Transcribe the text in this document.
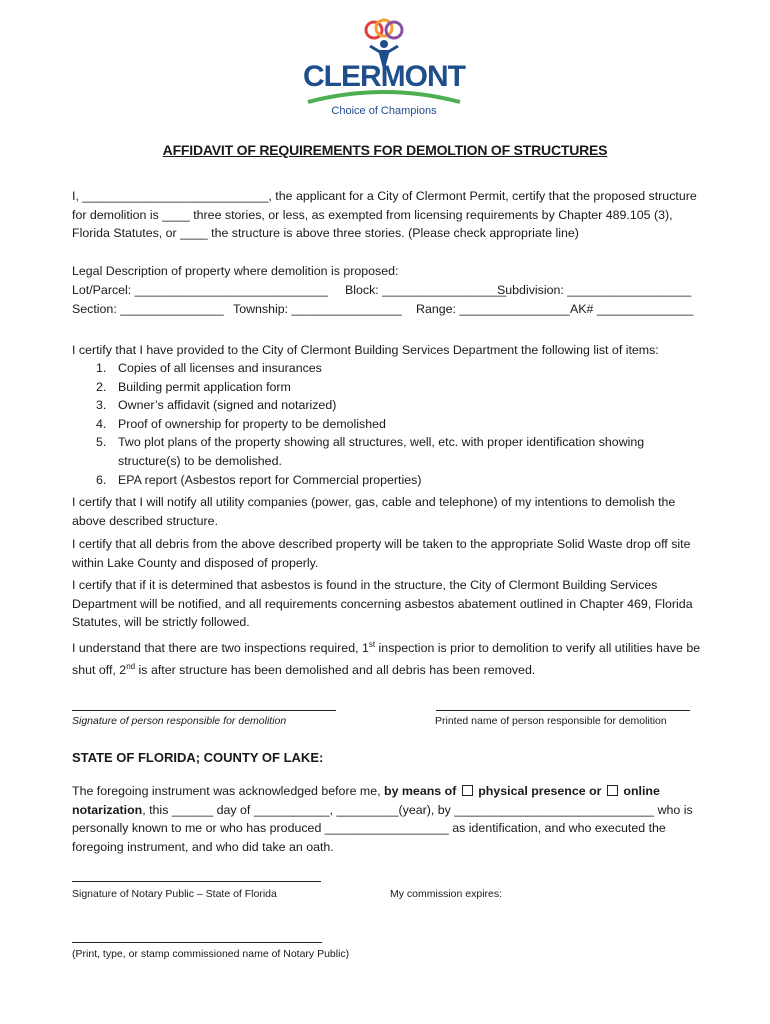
CLERMONT
Choice of Champions
AFFIDAVIT OF REQUIREMENTS FOR DEMOLTION OF STRUCTURES
I, ___________________________, the applicant for a City of Clermont Permit, certify that the proposed structure for demolition is ____ three stories, or less, as exempted from licensing requirements by Chapter 489.105 (3), Florida Statutes, or ____ the structure is above three stories. (Please check appropriate line)
Legal Description of property where demolition is proposed:
Lot/Parcel: ____________________________ Block: __________________
Subdivision: __________________
Section: _______________ Township: ________________ Range: ________________ AK# ______________
I certify that I have provided to the City of Clermont Building Services Department the following list of items:
1. Copies of all licenses and insurances
2. Building permit application form
3. Owner’s affidavit (signed and notarized)
4. Proof of ownership for property to be demolished
5. Two plot plans of the property showing all structures, well, etc. with proper identification showing structure(s) to be demolished.
6. EPA report (Asbestos report for Commercial properties)
I certify that I will notify all utility companies (power, gas, cable and telephone) of my intentions to demolish the above described structure.
I certify that all debris from the above described property will be taken to the appropriate Solid Waste drop off site within Lake County and disposed of properly.
I certify that if it is determined that asbestos is found in the structure, the City of Clermont Building Services Department will be notified, and all requirements concerning asbestos abatement outlined in Chapter 469, Florida Statutes, will be strictly followed.
I understand that there are two inspections required, 1st inspection is prior to demolition to verify all utilities have be shut off, 2nd is after structure has been demolished and all debris has been removed.
Signature of person responsible for demolition	Printed name of person responsible for demolition
STATE OF FLORIDA; COUNTY OF LAKE:
The foregoing instrument was acknowledged before me, by means of  physical presence or  online notarization, this ______ day of ___________, _________(year), by _____________________________ who is personally known to me or who has produced __________________ as identification, and who executed the foregoing instrument, and who did take an oath.
Signature of Notary Public – State of Florida	My commission expires:
(Print, type, or stamp commissioned name of Notary Public)
